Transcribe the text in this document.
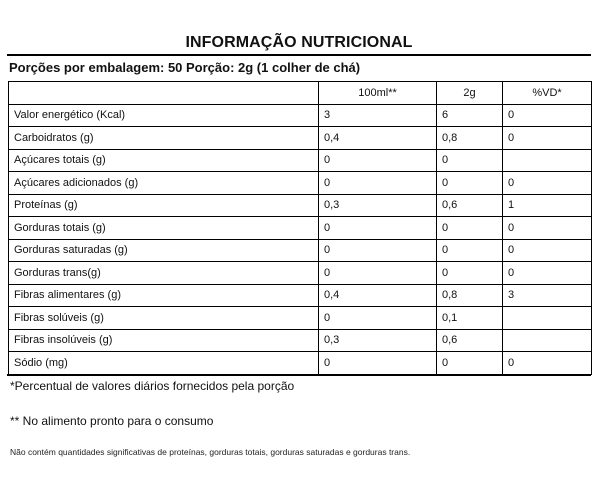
INFORMAÇÃO NUTRICIONAL
Porções por embalagem: 50 Porção: 2g (1 colher de chá)
	100ml**	2g	%VD*
Valor energético (Kcal)	3	6	0
Carboidratos (g)	0,4	0,8	0
Açúcares totais (g)	0	0	
Açúcares adicionados (g)	0	0	0
Proteínas (g)	0,3	0,6	1
Gorduras totais (g)	0	0	0
Gorduras saturadas (g)	0	0	0
Gorduras trans(g)	0	0	0
Fibras alimentares (g)	0,4	0,8	3
Fibras solúveis (g)	0	0,1	
Fibras insolúveis (g)	0,3	0,6	
Sódio (mg)	0	0	0
*Percentual de valores diários fornecidos pela porção
** No alimento pronto para o consumo
Não contém quantidades significativas de proteínas, gorduras totais, gorduras saturadas e gorduras trans.
